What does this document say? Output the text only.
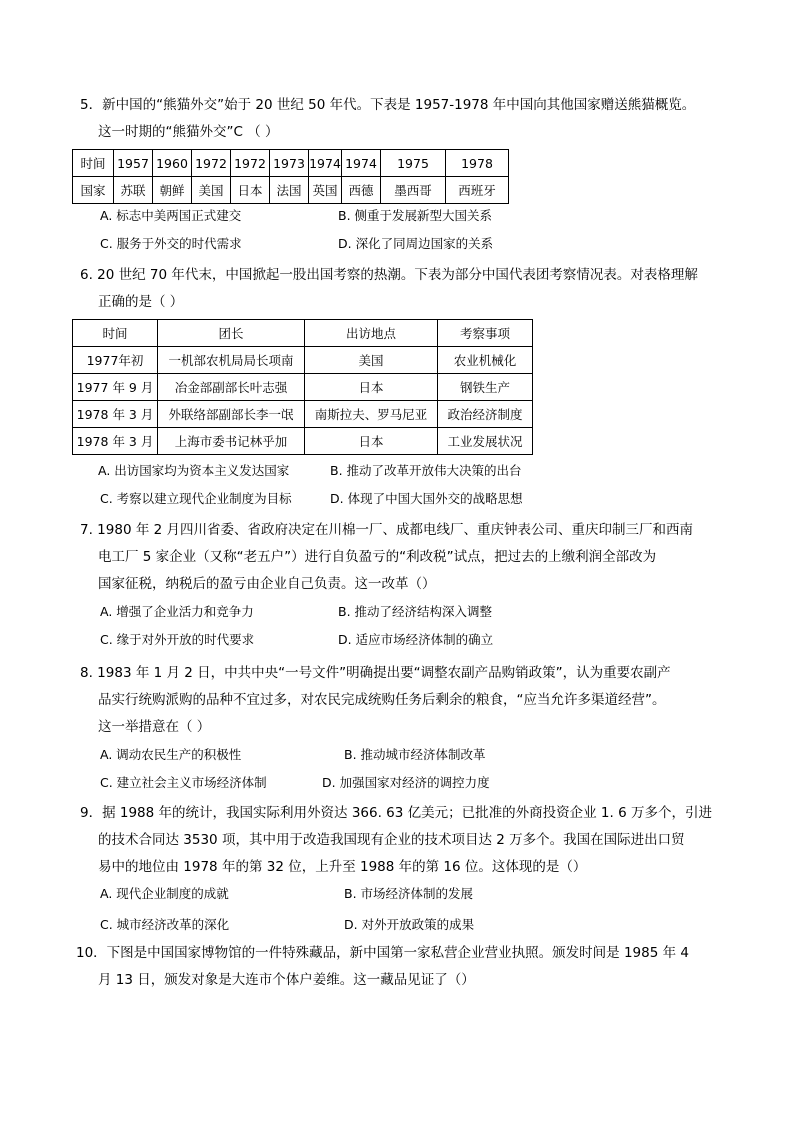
5．新中国的“熊猫外交”始于 20 世纪 50 年代。下表是 1957-1978 年中国向其他国家赠送熊猫概览。
这一时期的“熊猫外交”C （ ）
时间	1957	1960	1972	1972	1973	1974	1974	1975	1978
国家	苏联	朝鲜	美国	日本	法国	英国	西德	墨西哥	西班牙
A. 标志中美两国正式建交	B. 侧重于发展新型大国关系
C. 服务于外交的时代需求	D. 深化了同周边国家的关系
6. 20 世纪 70 年代末，中国掀起一股出国考察的热潮。下表为部分中国代表团考察情况表。对表格理解
正确的是（ ）
时间	团长	出访地点	考察事项
1977年初	一机部农机局局长项南	美国	农业机械化
1977 年 9 月	冶金部副部长叶志强	日本	钢铁生产
1978 年 3 月	外联络部副部长李一氓	南斯拉夫、罗马尼亚	政治经济制度
1978 年 3 月	上海市委书记林乎加	日本	工业发展状况
A. 出访国家均为资本主义发达国家	B. 推动了改革开放伟大决策的出台
C. 考察以建立现代企业制度为目标	D. 体现了中国大国外交的战略思想
7. 1980 年 2 月四川省委、省政府决定在川棉一厂、成都电线厂、重庆钟表公司、重庆印制三厂和西南
电工厂 5 家企业（又称“老五户”）进行自负盈亏的“利改税”试点，把过去的上缴利润全部改为
国家征税，纳税后的盈亏由企业自己负责。这一改革（）
A. 增强了企业活力和竞争力	B. 推动了经济结构深入调整
C. 缘于对外开放的时代要求	D. 适应市场经济体制的确立
8. 1983 年 1 月 2 日，中共中央“一号文件”明确提出要“调整农副产品购销政策”，认为重要农副产
品实行统购派购的品种不宜过多，对农民完成统购任务后剩余的粮食，“应当允许多渠道经营”。
这一举措意在（ ）
A. 调动农民生产的积极性	B. 推动城市经济体制改革
C. 建立社会主义市场经济体制	D. 加强国家对经济的调控力度
9．据 1988 年的统计，我国实际利用外资达 366. 63 亿美元；已批准的外商投资企业 1. 6 万多个，引进
的技术合同达 3530 项，其中用于改造我国现有企业的技术项目达 2 万多个。我国在国际进出口贸
易中的地位由 1978 年的第 32 位，上升至 1988 年的第 16 位。这体现的是（）
A. 现代企业制度的成就	B. 市场经济体制的发展
C. 城市经济改革的深化	D. 对外开放政策的成果
10．下图是中国国家博物馆的一件特殊藏品，新中国第一家私营企业营业执照。颁发时间是 1985 年 4
月 13 日，颁发对象是大连市个体户姜维。这一藏品见证了（）
